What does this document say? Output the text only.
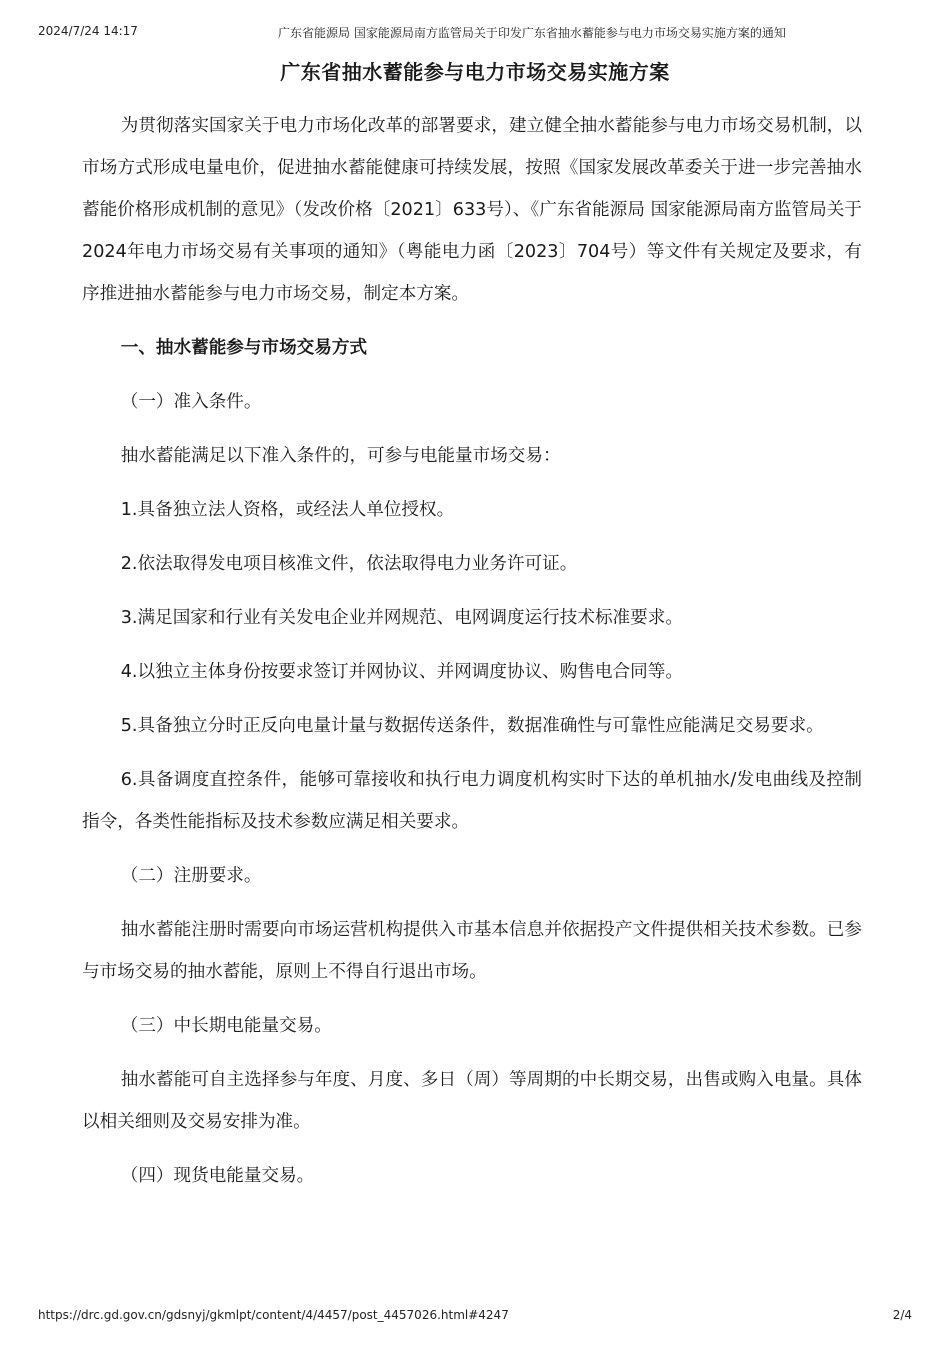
2024/7/24 14:17	广东省能源局 国家能源局南方监管局关于印发广东省抽水蓄能参与电力市场交易实施方案的通知
广东省抽水蓄能参与电力市场交易实施方案

为贯彻落实国家关于电力市场化改革的部署要求，建立健全抽水蓄能参与电力市场交易机制，以市场方式形成电量电价，促进抽水蓄能健康可持续发展，按照《国家发展改革委关于进一步完善抽水蓄能价格形成机制的意见》（发改价格〔2021〕633号）、《广东省能源局 国家能源局南方监管局关于2024年电力市场交易有关事项的通知》（粤能电力函〔2023〕704号）等文件有关规定及要求，有序推进抽水蓄能参与电力市场交易，制定本方案。

一、抽水蓄能参与市场交易方式

（一）准入条件。

抽水蓄能满足以下准入条件的，可参与电能量市场交易：

1.具备独立法人资格，或经法人单位授权。

2.依法取得发电项目核准文件，依法取得电力业务许可证。

3.满足国家和行业有关发电企业并网规范、电网调度运行技术标准要求。

4.以独立主体身份按要求签订并网协议、并网调度协议、购售电合同等。

5.具备独立分时正反向电量计量与数据传送条件，数据准确性与可靠性应能满足交易要求。

6.具备调度直控条件，能够可靠接收和执行电力调度机构实时下达的单机抽水/发电曲线及控制指令，各类性能指标及技术参数应满足相关要求。

（二）注册要求。

抽水蓄能注册时需要向市场运营机构提供入市基本信息并依据投产文件提供相关技术参数。已参与市场交易的抽水蓄能，原则上不得自行退出市场。

（三）中长期电能量交易。

抽水蓄能可自主选择参与年度、月度、多日（周）等周期的中长期交易，出售或购入电量。具体以相关细则及交易安排为准。

（四）现货电能量交易。

https://drc.gd.gov.cn/gdsnyj/gkmlpt/content/4/4457/post_4457026.html#4247	2/4
